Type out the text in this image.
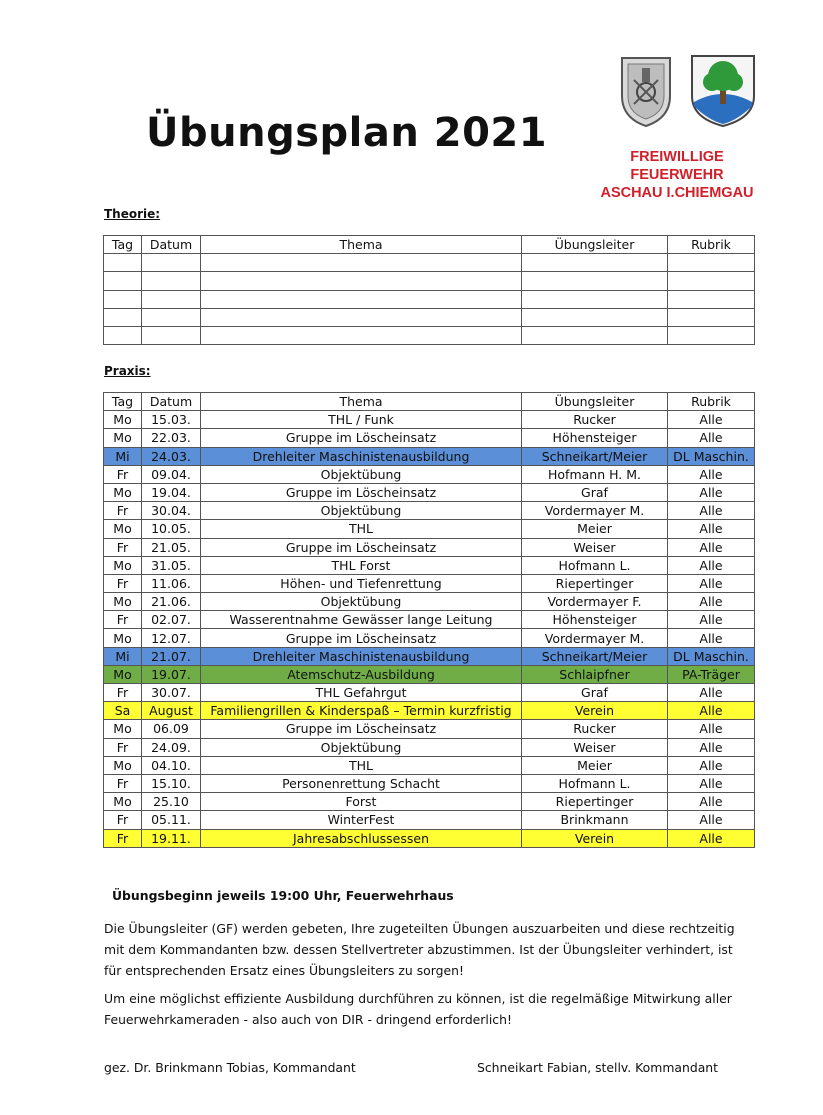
Übungsplan 2021
FREIWILLIGE
FEUERWEHR
ASCHAU I.CHIEMGAU
Theorie:
Tag	Datum	Thema	Übungsleiter	Rubrik

Praxis:
Tag	Datum	Thema	Übungsleiter	Rubrik
Mo	15.03.	THL / Funk	Rucker	Alle
Mo	22.03.	Gruppe im Löscheinsatz	Höhensteiger	Alle
Mi	24.03.	Drehleiter Maschinistenausbildung	Schneikart/Meier	DL Maschin.
Fr	09.04.	Objektübung	Hofmann H. M.	Alle
Mo	19.04.	Gruppe im Löscheinsatz	Graf	Alle
Fr	30.04.	Objektübung	Vordermayer M.	Alle
Mo	10.05.	THL	Meier	Alle
Fr	21.05.	Gruppe im Löscheinsatz	Weiser	Alle
Mo	31.05.	THL Forst	Hofmann L.	Alle
Fr	11.06.	Höhen- und Tiefenrettung	Riepertinger	Alle
Mo	21.06.	Objektübung	Vordermayer F.	Alle
Fr	02.07.	Wasserentnahme Gewässer lange Leitung	Höhensteiger	Alle
Mo	12.07.	Gruppe im Löscheinsatz	Vordermayer M.	Alle
Mi	21.07.	Drehleiter Maschinistenausbildung	Schneikart/Meier	DL Maschin.
Mo	19.07.	Atemschutz-Ausbildung	Schlaipfner	PA-Träger
Fr	30.07.	THL Gefahrgut	Graf	Alle
Sa	August	Familiengrillen & Kinderspaß – Termin kurzfristig	Verein	Alle
Mo	06.09	Gruppe im Löscheinsatz	Rucker	Alle
Fr	24.09.	Objektübung	Weiser	Alle
Mo	04.10.	THL	Meier	Alle
Fr	15.10.	Personenrettung Schacht	Hofmann L.	Alle
Mo	25.10	Forst	Riepertinger	Alle
Fr	05.11.	WinterFest	Brinkmann	Alle
Fr	19.11.	Jahresabschlussessen	Verein	Alle
Übungsbeginn jeweils 19:00 Uhr, Feuerwehrhaus
Die Übungsleiter (GF) werden gebeten, Ihre zugeteilten Übungen auszuarbeiten und diese rechtzeitig mit dem Kommandanten bzw. dessen Stellvertreter abzustimmen. Ist der Übungsleiter verhindert, ist für entsprechenden Ersatz eines Übungsleiters zu sorgen!
Um eine möglichst effiziente Ausbildung durchführen zu können, ist die regelmäßige Mitwirkung aller Feuerwehrkameraden - also auch von DIR - dringend erforderlich!
gez. Dr. Brinkmann Tobias, Kommandant	Schneikart Fabian, stellv. Kommandant
